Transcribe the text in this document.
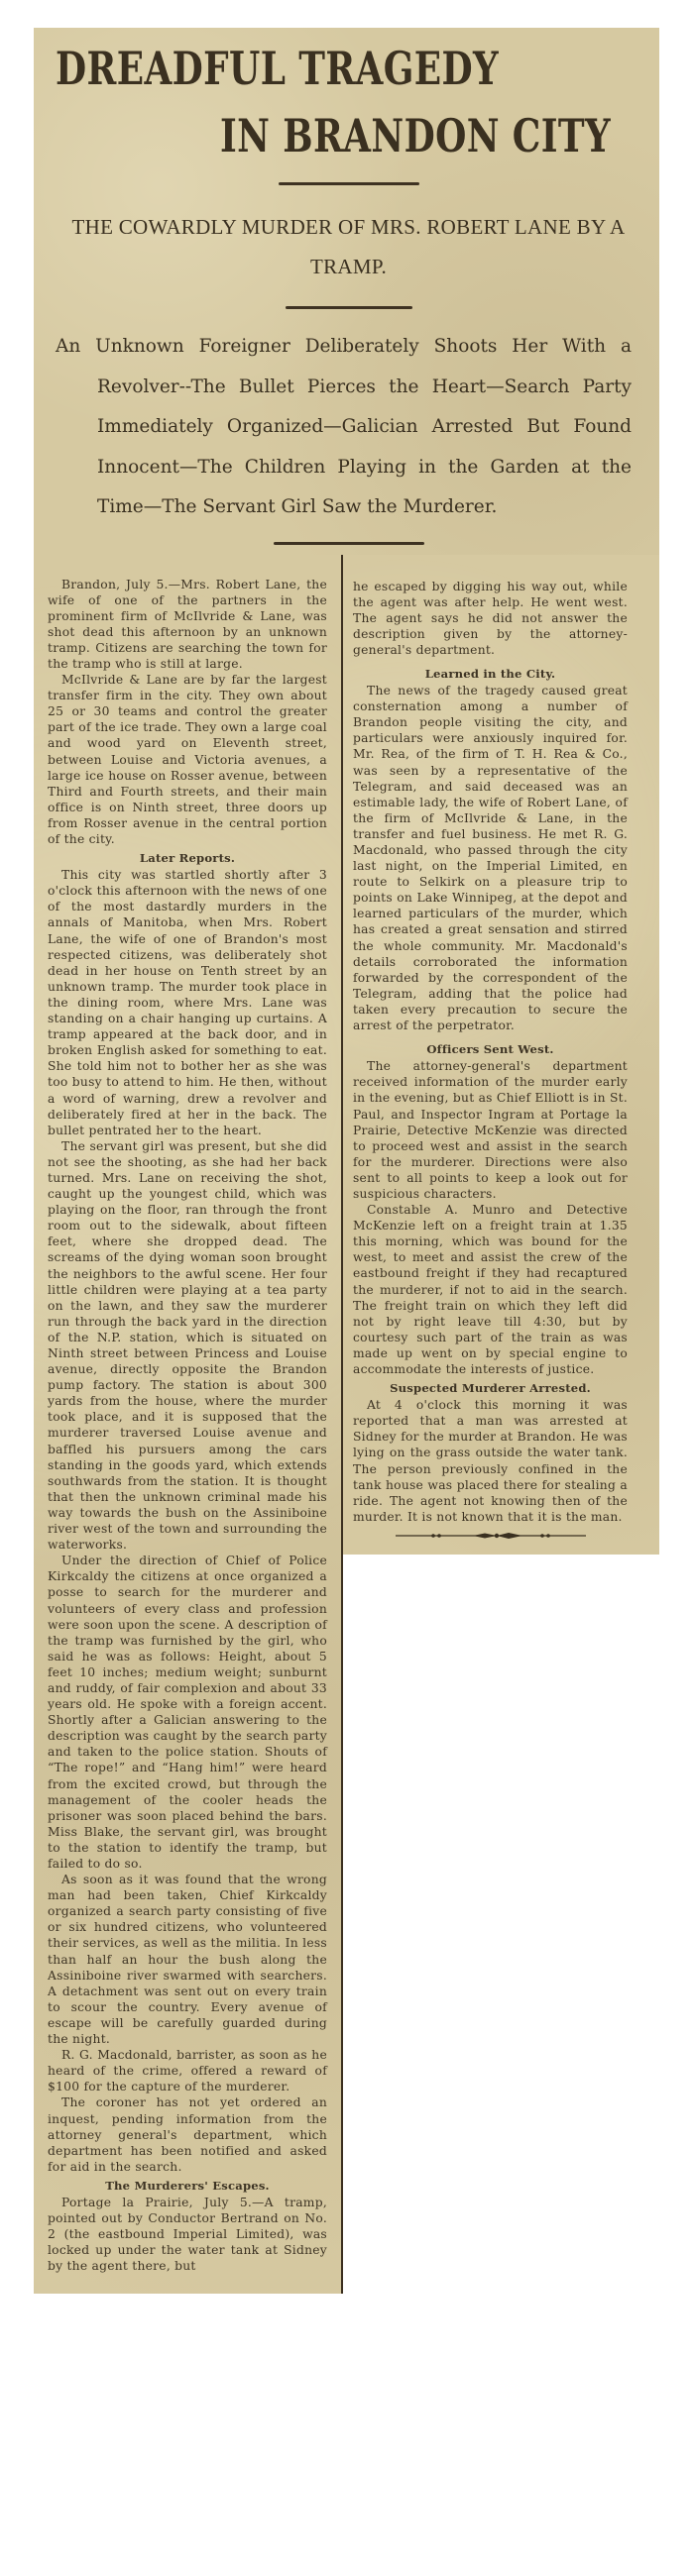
DREADFUL TRAGEDY
IN BRANDON CITY
THE COWARDLY MURDER OF MRS. ROBERT LANE BY A TRAMP.
An Unknown Foreigner Deliberately Shoots Her With a Revolver--The Bullet Pierces the Heart—Search Party Immediately Organized—Galician Arrested But Found Innocent—The Children Playing in the Garden at the Time—The Servant Girl Saw the Murderer.

Brandon, July 5.—Mrs. Robert Lane, the wife of one of the partners in the prominent firm of McIlvride & Lane, was shot dead this afternoon by an unknown tramp. Citizens are searching the town for the tramp who is still at large.

McIlvride & Lane are by far the largest transfer firm in the city. They own about 25 or 30 teams and control the greater part of the ice trade. They own a large coal and wood yard on Eleventh street, between Louise and Victoria avenues, a large ice house on Rosser avenue, between Third and Fourth streets, and their main office is on Ninth street, three doors up from Rosser avenue in the central portion of the city.

Later Reports.

This city was startled shortly after 3 o'clock this afternoon with the news of one of the most dastardly murders in the annals of Manitoba, when Mrs. Robert Lane, the wife of one of Brandon's most respected citizens, was deliberately shot dead in her house on Tenth street by an unknown tramp. The murder took place in the dining room, where Mrs. Lane was standing on a chair hanging up curtains. A tramp appeared at the back door, and in broken English asked for something to eat. She told him not to bother her as she was too busy to attend to him. He then, without a word of warning, drew a revolver and deliberately fired at her in the back. The bullet pentrated her to the heart.

The servant girl was present, but she did not see the shooting, as she had her back turned. Mrs. Lane on receiving the shot, caught up the youngest child, which was playing on the floor, ran through the front room out to the sidewalk, about fifteen feet, where she dropped dead. The screams of the dying woman soon brought the neighbors to the awful scene. Her four little children were playing at a tea party on the lawn, and they saw the murderer run through the back yard in the direction of the N.P. station, which is situated on Ninth street between Princess and Louise avenue, directly opposite the Brandon pump factory. The station is about 300 yards from the house, where the murder took place, and it is supposed that the murderer traversed Louise avenue and baffled his pursuers among the cars standing in the goods yard, which extends southwards from the station. It is thought that then the unknown criminal made his way towards the bush on the Assiniboine river west of the town and surrounding the waterworks.

Under the direction of Chief of Police Kirkcaldy the citizens at once organized a posse to search for the murderer and volunteers of every class and profession were soon upon the scene. A description of the tramp was furnished by the girl, who said he was as follows: Height, about 5 feet 10 inches; medium weight; sunburnt and ruddy, of fair complexion and about 33 years old. He spoke with a foreign accent. Shortly after a Galician answering to the description was caught by the search party and taken to the police station. Shouts of “The rope!” and “Hang him!” were heard from the excited crowd, but through the management of the cooler heads the prisoner was soon placed behind the bars. Miss Blake, the servant girl, was brought to the station to identify the tramp, but failed to do so.

As soon as it was found that the wrong man had been taken, Chief Kirkcaldy organized a search party consisting of five or six hundred citizens, who volunteered their services, as well as the militia. In less than half an hour the bush along the Assiniboine river swarmed with searchers. A detachment was sent out on every train to scour the country. Every avenue of escape will be carefully guarded during the night.

R. G. Macdonald, barrister, as soon as he heard of the crime, offered a reward of $100 for the capture of the murderer.

The coroner has not yet ordered an inquest, pending information from the attorney general's department, which department has been notified and asked for aid in the search.

The Murderers' Escapes.

Portage la Prairie, July 5.—A tramp, pointed out by Conductor Bertrand on No. 2 (the eastbound Imperial Limited), was locked up under the water tank at Sidney by the agent there, but

he escaped by digging his way out, while the agent was after help. He went west. The agent says he did not answer the description given by the attorney-general's department.

Learned in the City.

The news of the tragedy caused great consternation among a number of Brandon people visiting the city, and particulars were anxiously inquired for. Mr. Rea, of the firm of T. H. Rea & Co., was seen by a representative of the Telegram, and said deceased was an estimable lady, the wife of Robert Lane, of the firm of McIlvride & Lane, in the transfer and fuel business. He met R. G. Macdonald, who passed through the city last night, on the Imperial Limited, en route to Selkirk on a pleasure trip to points on Lake Winnipeg, at the depot and learned particulars of the murder, which has created a great sensation and stirred the whole community. Mr. Macdonald's details corroborated the information forwarded by the correspondent of the Telegram, adding that the police had taken every precaution to secure the arrest of the perpetrator.

Officers Sent West.

The attorney-general's department received information of the murder early in the evening, but as Chief Elliott is in St. Paul, and Inspector Ingram at Portage la Prairie, Detective McKenzie was directed to proceed west and assist in the search for the murderer. Directions were also sent to all points to keep a look out for suspicious characters.

Constable A. Munro and Detective McKenzie left on a freight train at 1.35 this morning, which was bound for the west, to meet and assist the crew of the eastbound freight if they had recaptured the murderer, if not to aid in the search. The freight train on which they left did not by right leave till 4:30, but by courtesy such part of the train as was made up went on by special engine to accommodate the interests of justice.

Suspected Murderer Arrested.

At 4 o'clock this morning it was reported that a man was arrested at Sidney for the murder at Brandon. He was lying on the grass outside the water tank. The person previously confined in the tank house was placed there for stealing a ride. The agent not knowing then of the murder. It is not known that it is the man.
